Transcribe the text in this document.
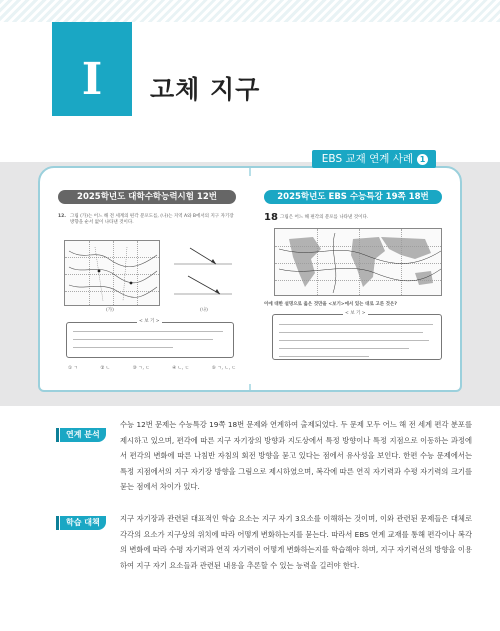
I	고체 지구
EBS 교재 연계 사례 1
2025학년도 대학수학능력시험 12번
12. 그림 (가)는 어느 해 전 세계의 편각 분포도를, (나)는 지역 A와 B에서의 지구 자기장 방향을 순서 없이 나타낸 것이다.
(가)	(나)
< 보 기 >
① ㄱ	② ㄴ	③ ㄱ, ㄷ	④ ㄴ, ㄷ	⑤ ㄱ, ㄴ, ㄷ
2025학년도 EBS 수능특강 19쪽 18번
18 그림은 어느 해 편각의 분포를 나타낸 것이다.
이에 대한 설명으로 옳은 것만을 <보기>에서 있는 대로 고른 것은?
< 보 기 >
연계 분석
수능 12번 문제는 수능특강 19쪽 18번 문제와 연계하여 출제되었다. 두 문제 모두 어느 해 전 세계 편각 분포를 제시하고 있으며, 편각에 따른 지구 자기장의 방향과 지도상에서 특정 방향이나 특정 지점으로 이동하는 과정에서 편각의 변화에 따른 나침반 자침의 회전 방향을 묻고 있다는 점에서 유사성을 보인다. 한편 수능 문제에서는 특정 지점에서의 지구 자기장 방향을 그림으로 제시하였으며, 복각에 따른 연직 자기력과 수평 자기력의 크기를 묻는 점에서 차이가 있다.
학습 대책	지구 자기장과 관련된 대표적인 학습 요소는 지구 자기 3요소를 이해하는 것이며, 이와 관련된 문제들은 대체로 각각의 요소가 지구상의 위치에 따라 어떻게 변화하는지를 묻는다. 따라서 EBS 연계 교재를 통해 편각이나 복각의 변화에 따라 수평 자기력과 연직 자기력이 어떻게 변화하는지를 학습해야 하며, 지구 자기력선의 방향을 이용하여 지구 자기 요소들과 관련된 내용을 추론할 수 있는 능력을 길러야 한다.
